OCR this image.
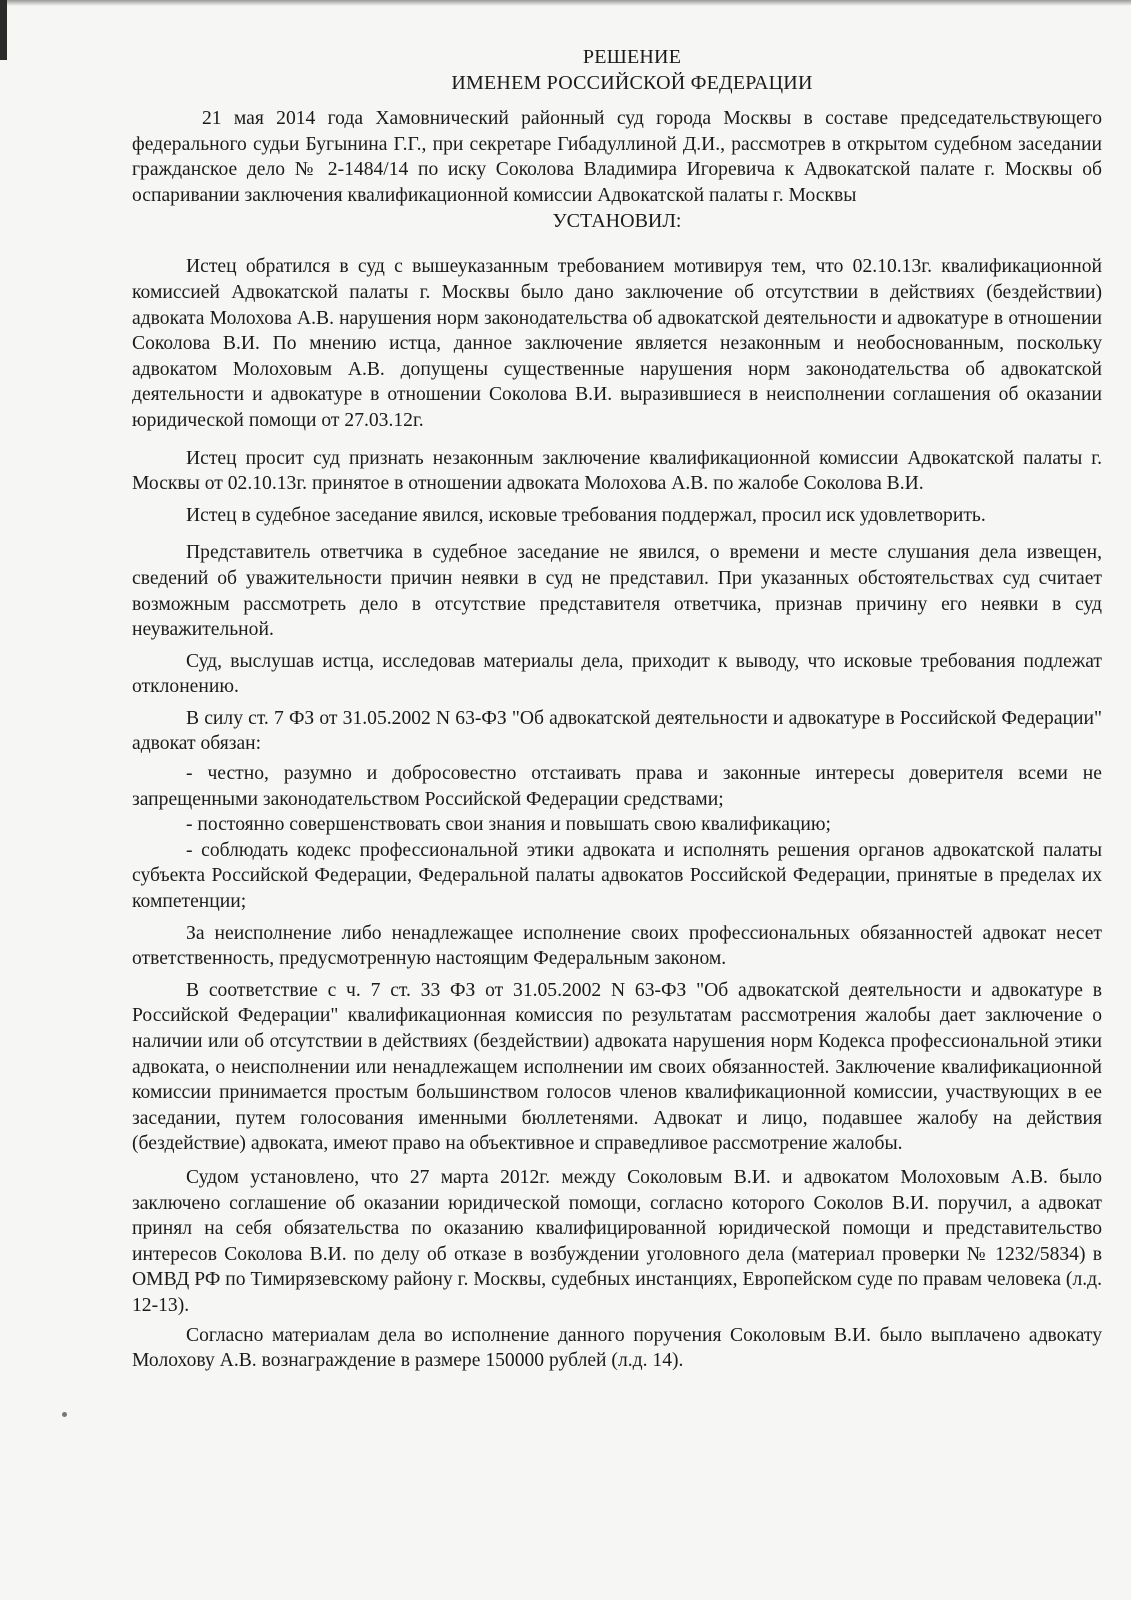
РЕШЕНИЕ

ИМЕНЕМ РОССИЙСКОЙ ФЕДЕРАЦИИ

21 мая 2014 года Хамовнический районный суд города Москвы в составе председательствующего федерального судьи Бугынина Г.Г., при секретаре Гибадуллиной Д.И., рассмотрев в открытом судебном заседании гражданское дело № 2-1484/14 по иску Соколова Владимира Игоревича к Адвокатской палате г. Москвы об оспаривании заключения квалификационной комиссии Адвокатской палаты г. Москвы

УСТАНОВИЛ:

Истец обратился в суд с вышеуказанным требованием мотивируя тем, что 02.10.13г. квалификационной комиссией Адвокатской палаты г. Москвы было дано заключение об отсутствии в действиях (бездействии) адвоката Молохова А.В. нарушения норм законодательства об адвокатской деятельности и адвокатуре в отношении Соколова В.И. По мнению истца, данное заключение является незаконным и необоснованным, поскольку адвокатом Молоховым А.В. допущены существенные нарушения норм законодательства об адвокатской деятельности и адвокатуре в отношении Соколова В.И. выразившиеся в неисполнении соглашения об оказании юридической помощи от 27.03.12г.

Истец просит суд признать незаконным заключение квалификационной комиссии Адвокатской палаты г. Москвы от 02.10.13г. принятое в отношении адвоката Молохова А.В. по жалобе Соколова В.И.

Истец в судебное заседание явился, исковые требования поддержал, просил иск удовлетворить.

Представитель ответчика в судебное заседание не явился, о времени и месте слушания дела извещен, сведений об уважительности причин неявки в суд не представил. При указанных обстоятельствах суд считает возможным рассмотреть дело в отсутствие представителя ответчика, признав причину его неявки в суд неуважительной.

Суд, выслушав истца, исследовав материалы дела, приходит к выводу, что исковые требования подлежат отклонению.

В силу ст. 7 ФЗ от 31.05.2002 N 63-ФЗ "Об адвокатской деятельности и адвокатуре в Российской Федерации" адвокат обязан:

- честно, разумно и добросовестно отстаивать права и законные интересы доверителя всеми не запрещенными законодательством Российской Федерации средствами;

- постоянно совершенствовать свои знания и повышать свою квалификацию;

- соблюдать кодекс профессиональной этики адвоката и исполнять решения органов адвокатской палаты субъекта Российской Федерации, Федеральной палаты адвокатов Российской Федерации, принятые в пределах их компетенции;

За неисполнение либо ненадлежащее исполнение своих профессиональных обязанностей адвокат несет ответственность, предусмотренную настоящим Федеральным законом.

В соответствие с ч. 7 ст. 33 ФЗ от 31.05.2002 N 63-ФЗ "Об адвокатской деятельности и адвокатуре в Российской Федерации" квалификационная комиссия по результатам рассмотрения жалобы дает заключение о наличии или об отсутствии в действиях (бездействии) адвоката нарушения норм Кодекса профессиональной этики адвоката, о неисполнении или ненадлежащем исполнении им своих обязанностей. Заключение квалификационной комиссии принимается простым большинством голосов членов квалификационной комиссии, участвующих в ее заседании, путем голосования именными бюллетенями. Адвокат и лицо, подавшее жалобу на действия (бездействие) адвоката, имеют право на объективное и справедливое рассмотрение жалобы.

Судом установлено, что 27 марта 2012г. между Соколовым В.И. и адвокатом Молоховым А.В. было заключено соглашение об оказании юридической помощи, согласно которого Соколов В.И. поручил, а адвокат принял на себя обязательства по оказанию квалифицированной юридической помощи и представительство интересов Соколова В.И. по делу об отказе в возбуждении уголовного дела (материал проверки № 1232/5834) в ОМВД РФ по Тимирязевскому району г. Москвы, судебных инстанциях, Европейском суде по правам человека (л.д. 12-13).

Согласно материалам дела во исполнение данного поручения Соколовым В.И. было выплачено адвокату Молохову А.В. вознаграждение в размере 150000 рублей (л.д. 14).
